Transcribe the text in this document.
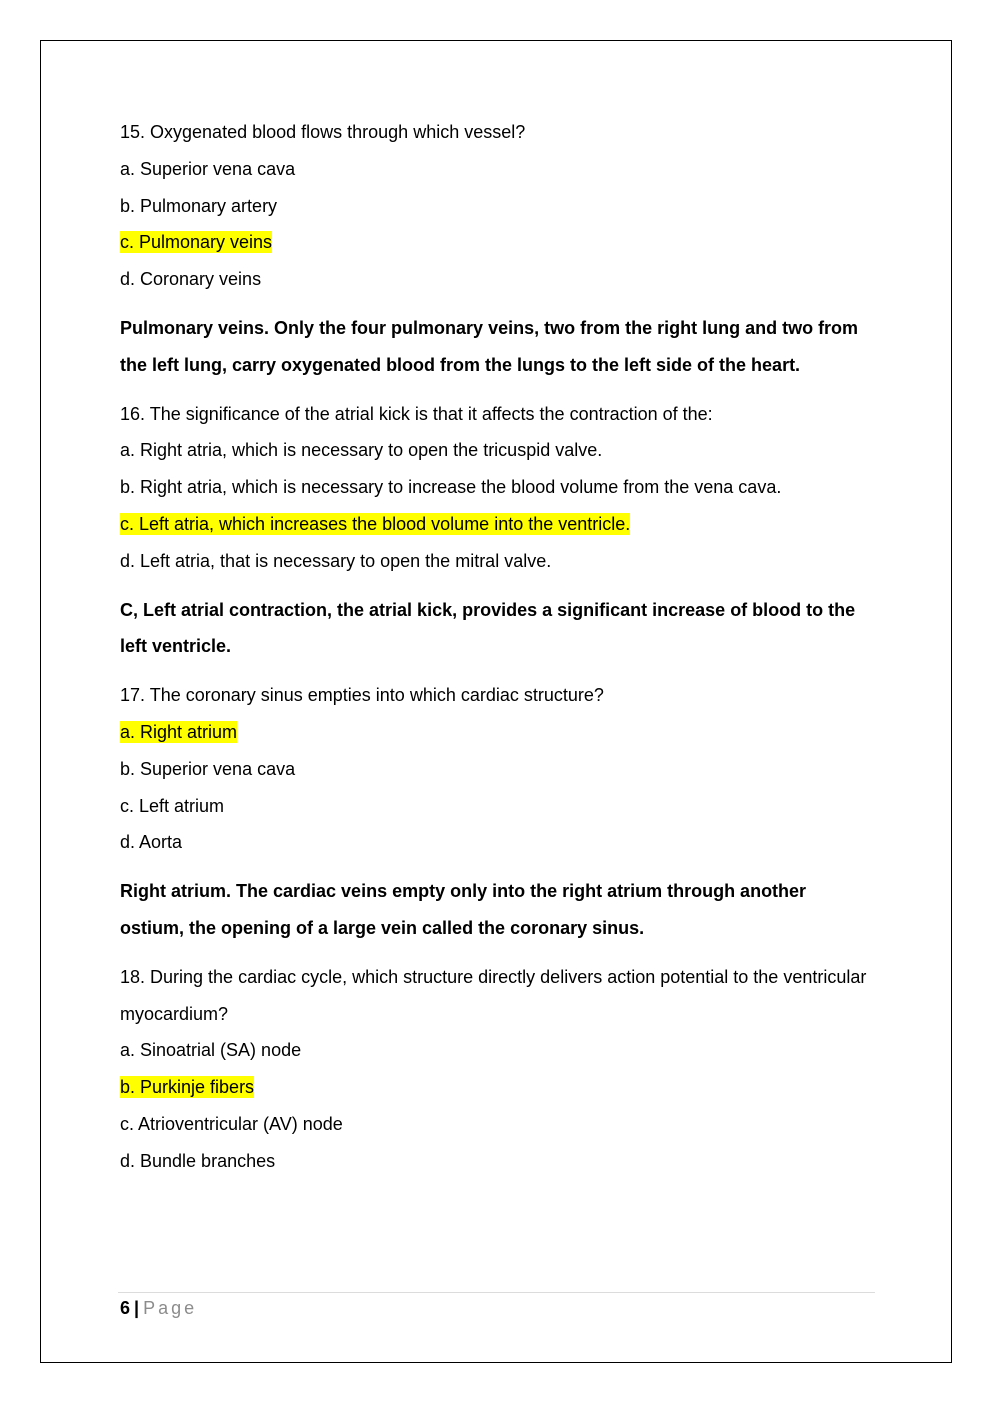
15. Oxygenated blood flows through which vessel?

a. Superior vena cava

b. Pulmonary artery

c. Pulmonary veins

d. Coronary veins

Pulmonary veins. Only the four pulmonary veins, two from the right lung and two from the left lung, carry oxygenated blood from the lungs to the left side of the heart.

16. The significance of the atrial kick is that it affects the contraction of the:

a. Right atria, which is necessary to open the tricuspid valve.

b. Right atria, which is necessary to increase the blood volume from the vena cava.

c. Left atria, which increases the blood volume into the ventricle.

d. Left atria, that is necessary to open the mitral valve.

C, Left atrial contraction, the atrial kick, provides a significant increase of blood to the left ventricle.

17. The coronary sinus empties into which cardiac structure?

a. Right atrium

b. Superior vena cava

c. Left atrium

d. Aorta

Right atrium. The cardiac veins empty only into the right atrium through another ostium, the opening of a large vein called the coronary sinus.

18. During the cardiac cycle, which structure directly delivers action potential to the ventricular myocardium?

a. Sinoatrial (SA) node

b. Purkinje fibers

c. Atrioventricular (AV) node

d. Bundle branches

6 | Page
